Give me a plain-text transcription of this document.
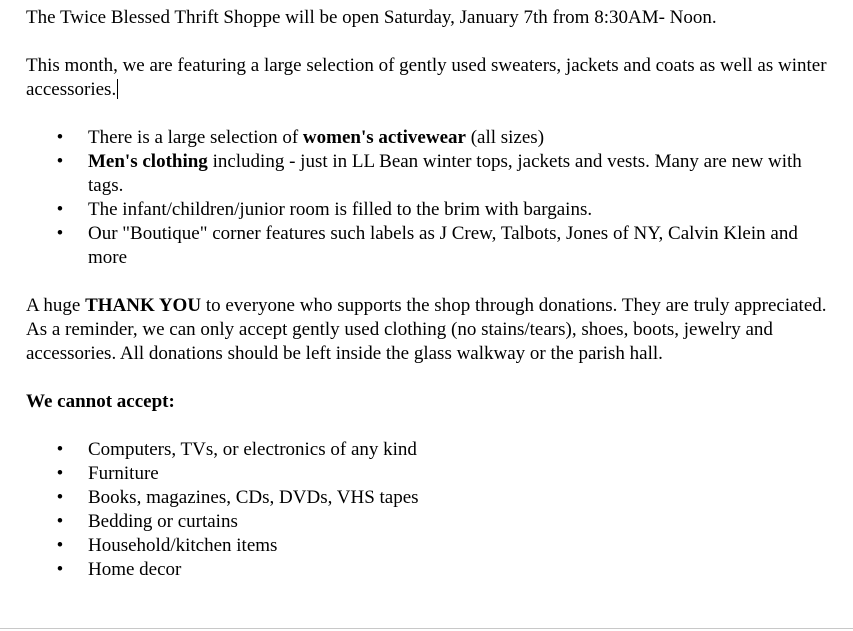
The Twice Blessed Thrift Shoppe will be open Saturday, January 7th from 8:30AM- Noon.

This month, we are featuring a large selection of gently used sweaters, jackets and coats as well as winter accessories.

• There is a large selection of women's activewear (all sizes)
• Men's clothing including - just in LL Bean winter tops, jackets and vests. Many are new with tags.
• The infant/children/junior room is filled to the brim with bargains.
• Our "Boutique" corner features such labels as J Crew, Talbots, Jones of NY, Calvin Klein and more

A huge THANK YOU to everyone who supports the shop through donations. They are truly appreciated. As a reminder, we can only accept gently used clothing (no stains/tears), shoes, boots, jewelry and accessories. All donations should be left inside the glass walkway or the parish hall.

We cannot accept:

• Computers, TVs, or electronics of any kind
• Furniture
• Books, magazines, CDs, DVDs, VHS tapes
• Bedding or curtains
• Household/kitchen items
• Home decor
